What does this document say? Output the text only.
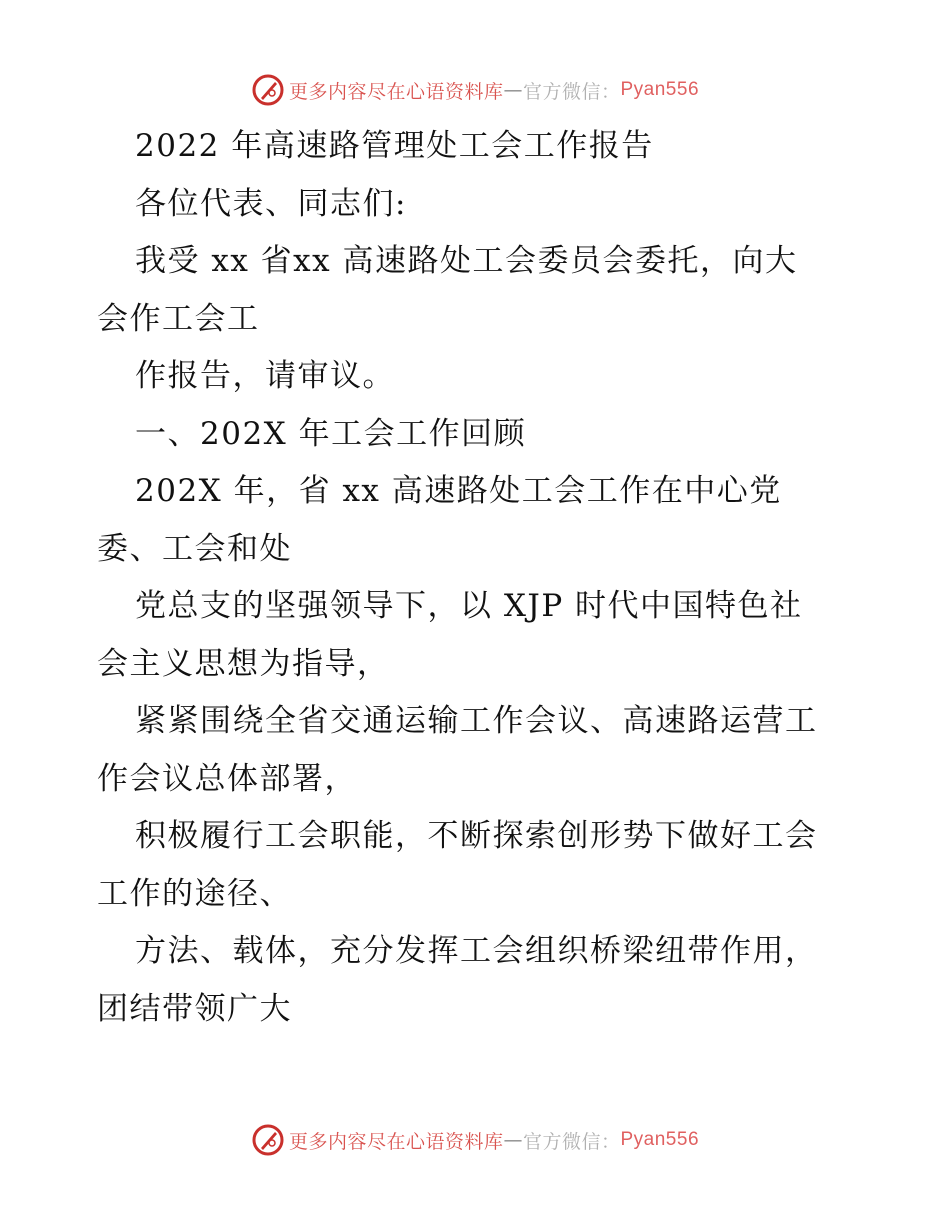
更多内容尽在心语资料库 — 官方微信： Pyan556
2022 年高速路管理处工会工作报告
各位代表、同志们:
我受 xx 省xx 高速路处工会委员会委托，向大
会作工会工
作报告，请审议。
一、202X 年工会工作回顾
202X 年，省 xx 高速路处工会工作在中心党
委、工会和处
党总支的坚强领导下，以 XJP 时代中国特色社
会主义思想为指导，
紧紧围绕全省交通运输工作会议、高速路运营工
作会议总体部署，
积极履行工会职能，不断探索创形势下做好工会
工作的途径、
方法、载体，充分发挥工会组织桥梁纽带作用，
团结带领广大
更多内容尽在心语资料库 — 官方微信： Pyan556
